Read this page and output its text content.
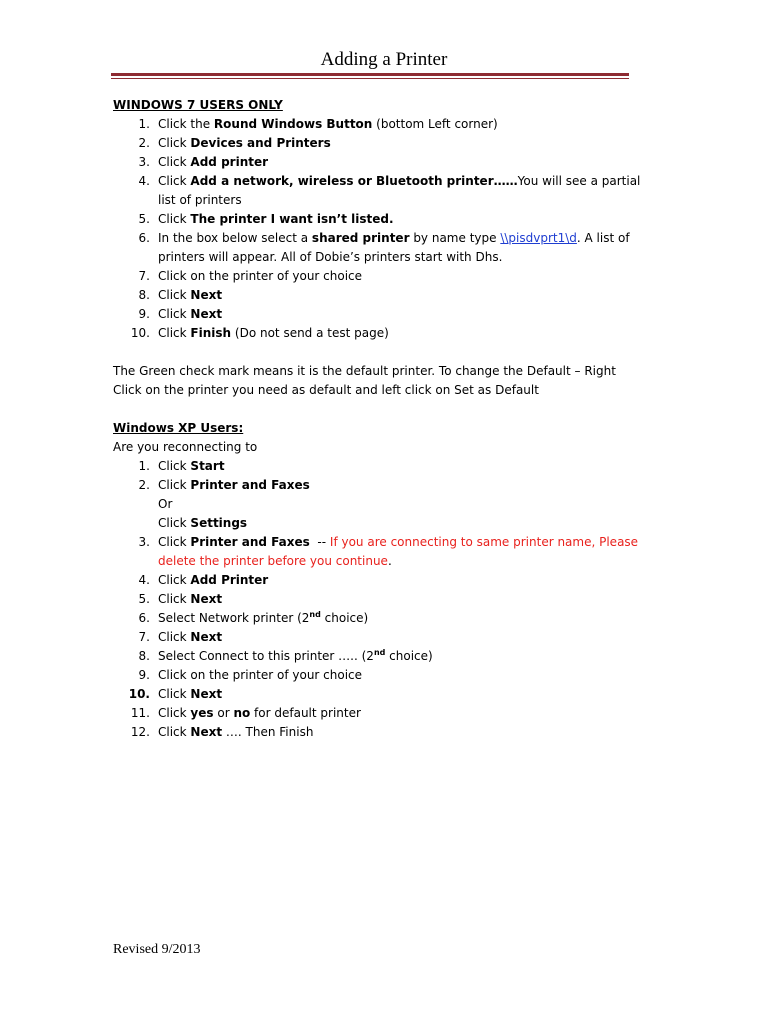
Adding a Printer
WINDOWS 7 USERS ONLY
1. Click the Round Windows Button (bottom Left corner)
2. Click Devices and Printers
3. Click Add printer
4. Click Add a network, wireless or Bluetooth printer……You will see a partial list of printers
5. Click The printer I want isn’t listed.
6. In the box below select a shared printer by name type \\pisdvprt1\d. A list of printers will appear. All of Dobie’s printers start with Dhs.
7. Click on the printer of your choice
8. Click Next
9. Click Next
10. Click Finish (Do not send a test page)

The Green check mark means it is the default printer. To change the Default – Right Click on the printer you need as default and left click on Set as Default

Windows XP Users:
Are you reconnecting to
1. Click Start
2. Click Printer and Faxes
Or
Click Settings
3. Click Printer and Faxes  -- If you are connecting to same printer name, Please delete the printer before you continue.
4. Click Add Printer
5. Click Next
6. Select Network printer (2nd choice)
7. Click Next
8. Select Connect to this printer ….. (2nd choice)
9. Click on the printer of your choice
10. Click Next
11. Click yes or no for default printer
12. Click Next …. Then Finish
Revised 9/2013
